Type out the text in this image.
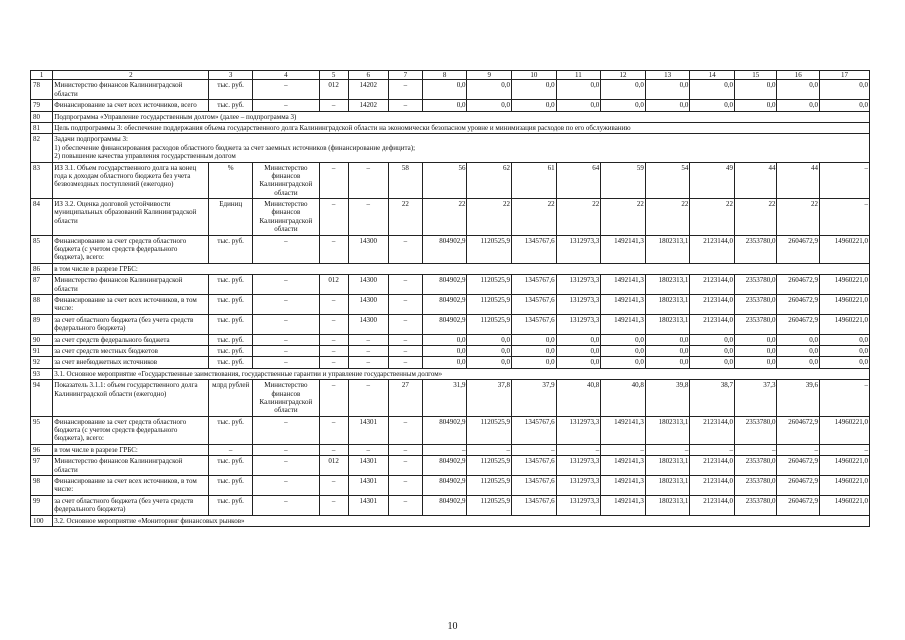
1	2	3	4	5	6	7	8	9	10	11	12	13	14	15	16	17
78	Министерство финансов Калининградской области	тыс. руб.	–	012	14202	–	0,0	0,0	0,0	0,0	0,0	0,0	0,0	0,0	0,0	0,0
79	Финансирование за счет всех источников, всего	тыс. руб.	–	–	14202	–	0,0	0,0	0,0	0,0	0,0	0,0	0,0	0,0	0,0	0,0
80	Подпрограмма «Управление государственным долгом» (далее – подпрограмма 3)															
81	Цель подпрограммы 3: обеспечение поддержания объема государственного долга Калининградской области на экономически безопасном уровне и минимизация расходов по его обслуживанию															
82	Задачи подпрограммы 3:
1) обеспечение финансирования расходов областного бюджета за счет заемных источников (финансирование дефицита);
2) повышение качества управления государственным долгом															
83	ИЗ 3.1. Объем государственного долга на конец года к доходам областного бюджета без учета безвозмездных поступлений (ежегодно)	%	Министерство финансов Калининградской области	–	–	58	56	62	61	64	59	54	49	44	44	–
84	ИЗ 3.2. Оценка долговой устойчивости муниципальных образований Калининградской области	Единиц	Министерство финансов Калининградской области	–	–	22	22	22	22	22	22	22	22	22	22	–
85	Финансирование за счет средств областного бюджета (с учетом средств федерального бюджета), всего:	тыс. руб.	–	–	14300	–	804902,9	1120525,9	1345767,6	1312973,3	1492141,3	1802313,1	2123144,0	2353780,0	2604672,9	14960221,0
86	в том числе в разрезе ГРБС:															
87	Министерство финансов Калининградской области	тыс. руб.	–	012	14300	–	804902,9	1120525,9	1345767,6	1312973,3	1492141,3	1802313,1	2123144,0	2353780,0	2604672,9	14960221,0
88	Финансирование за счет всех источников, в том числе:	тыс. руб.	–	–	14300	–	804902,9	1120525,9	1345767,6	1312973,3	1492141,3	1802313,1	2123144,0	2353780,0	2604672,9	14960221,0
89	за счет областного бюджета (без учета средств федерального бюджета)	тыс. руб.	–	–	14300	–	804902,9	1120525,9	1345767,6	1312973,3	1492141,3	1802313,1	2123144,0	2353780,0	2604672,9	14960221,0
90	за счет средств федерального бюджета	тыс. руб.	–	–	–	–	0,0	0,0	0,0	0,0	0,0	0,0	0,0	0,0	0,0	0,0
91	за счет средств местных бюджетов	тыс. руб.	–	–	–	–	0,0	0,0	0,0	0,0	0,0	0,0	0,0	0,0	0,0	0,0
92	за счет внебюджетных источников	тыс. руб.	–	–	–	–	0,0	0,0	0,0	0,0	0,0	0,0	0,0	0,0	0,0	0,0
93	3.1. Основное мероприятие «Государственные заимствования, государственные гарантии и управление государственным долгом»															
94	Показатель 3.1.1: объем государственного долга Калининградской области (ежегодно)	млрд рублей	Министерство финансов Калининградской области	–	–	27	31,9	37,8	37,9	40,8	40,8	39,8	38,7	37,3	39,6	–
95	Финансирование за счет средств областного бюджета (с учетом средств федерального бюджета), всего:	тыс. руб.	–	–	14301	–	804902,9	1120525,9	1345767,6	1312973,3	1492141,3	1802313,1	2123144,0	2353780,0	2604672,9	14960221,0
96	в том числе в разрезе ГРБС:	–	–	–	–	–	–	–	–	–	–	–	–	–	–	–
97	Министерство финансов Калининградской области	тыс. руб.	–	012	14301	–	804902,9	1120525,9	1345767,6	1312973,3	1492141,3	1802313,1	2123144,0	2353780,0	2604672,9	14960221,0
98	Финансирование за счет всех источников, в том числе:	тыс. руб.	–	–	14301	–	804902,9	1120525,9	1345767,6	1312973,3	1492141,3	1802313,1	2123144,0	2353780,0	2604672,9	14960221,0
99	за счет областного бюджета (без учета средств федерального бюджета)	тыс. руб.	–	–	14301	–	804902,9	1120525,9	1345767,6	1312973,3	1492141,3	1802313,1	2123144,0	2353780,0	2604672,9	14960221,0
100	3.2. Основное мероприятие «Мониторинг финансовых рынков»															
10
